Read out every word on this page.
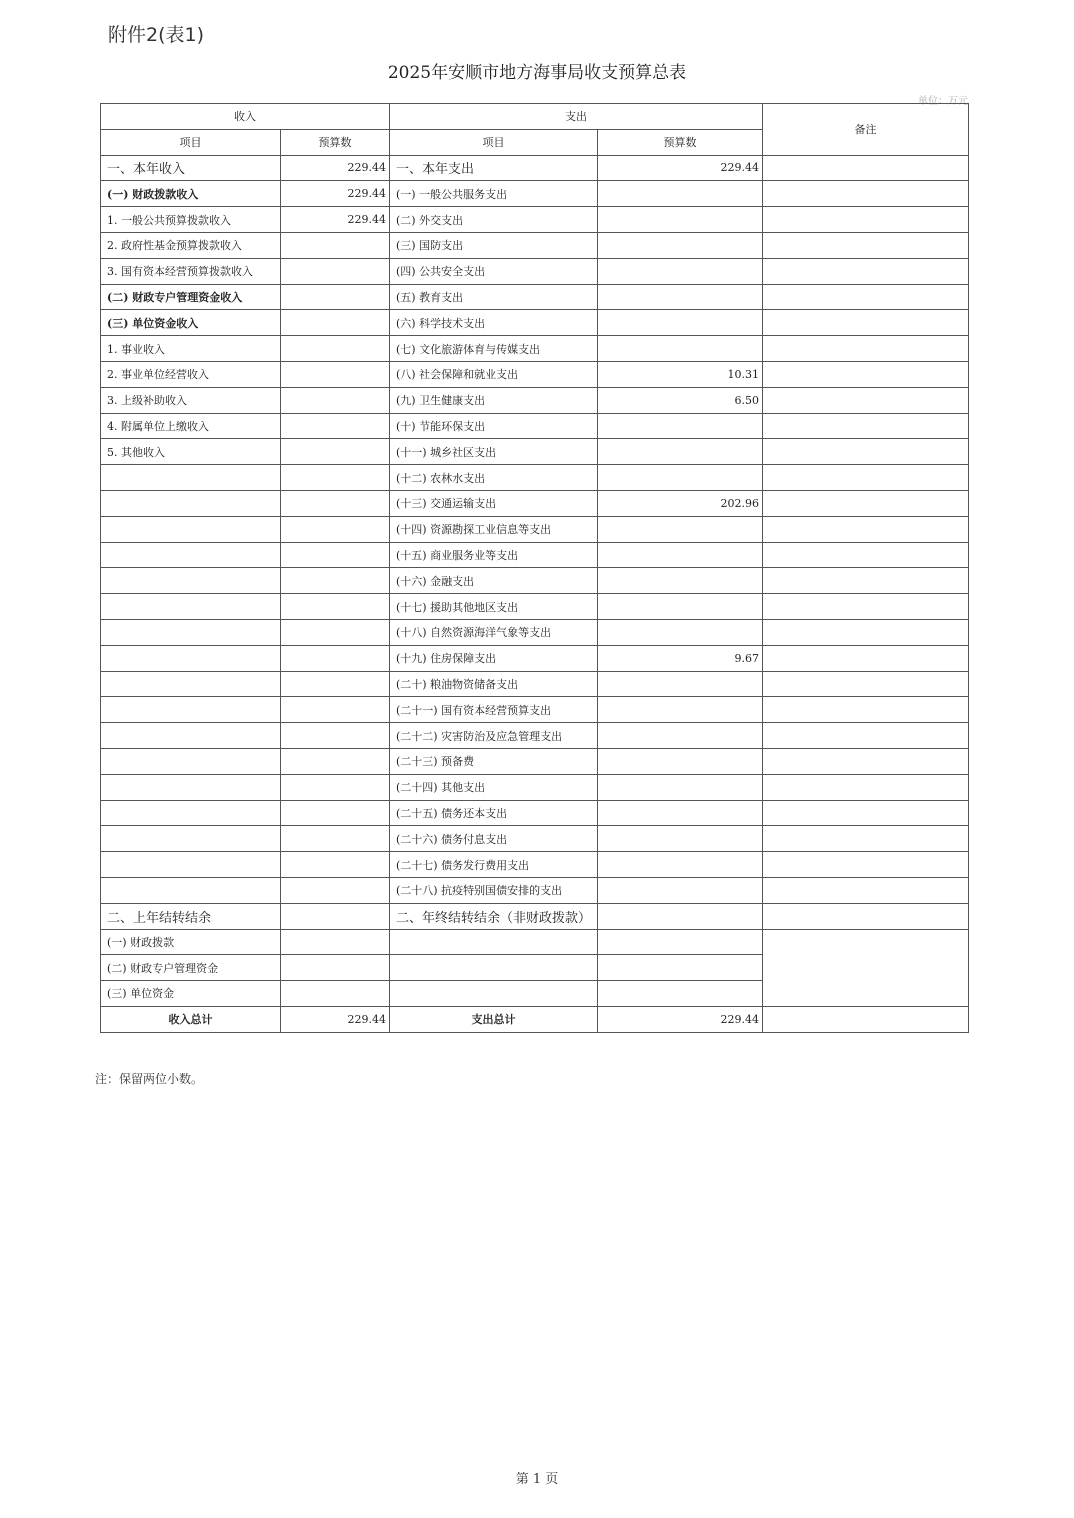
附件2(表1)
2025年安顺市地方海事局收支预算总表
单位：万元
收入		支出		备注
项目	预算数	项目	预算数	
一、本年收入	229.44	一、本年支出	229.44	
(一) 财政拨款收入	229.44	(一) 一般公共服务支出		
1. 一般公共预算拨款收入	229.44	(二) 外交支出		
2. 政府性基金预算拨款收入		(三) 国防支出		
3. 国有资本经营预算拨款收入		(四) 公共安全支出		
(二) 财政专户管理资金收入		(五) 教育支出		
(三) 单位资金收入		(六) 科学技术支出		
1. 事业收入		(七) 文化旅游体育与传媒支出		
2. 事业单位经营收入		(八) 社会保障和就业支出	10.31	
3. 上级补助收入		(九) 卫生健康支出	6.50	
4. 附属单位上缴收入		(十) 节能环保支出		
5. 其他收入		(十一) 城乡社区支出		
		(十二) 农林水支出		
		(十三) 交通运输支出	202.96	
		(十四) 资源勘探工业信息等支出		
		(十五) 商业服务业等支出		
		(十六) 金融支出		
		(十七) 援助其他地区支出		
		(十八) 自然资源海洋气象等支出		
		(十九) 住房保障支出	9.67	
		(二十) 粮油物资储备支出		
		(二十一) 国有资本经营预算支出		
		(二十二) 灾害防治及应急管理支出		
		(二十三) 预备费		
		(二十四) 其他支出		
		(二十五) 债务还本支出		
		(二十六) 债务付息支出		
		(二十七) 债务发行费用支出		
		(二十八) 抗疫特别国债安排的支出		
二、上年结转结余		二、年终结转结余（非财政拨款）		
(一) 财政拨款				
(二) 财政专户管理资金				
(三) 单位资金				
收入总计	229.44	支出总计	229.44	
注：保留两位小数。
第 1 页
